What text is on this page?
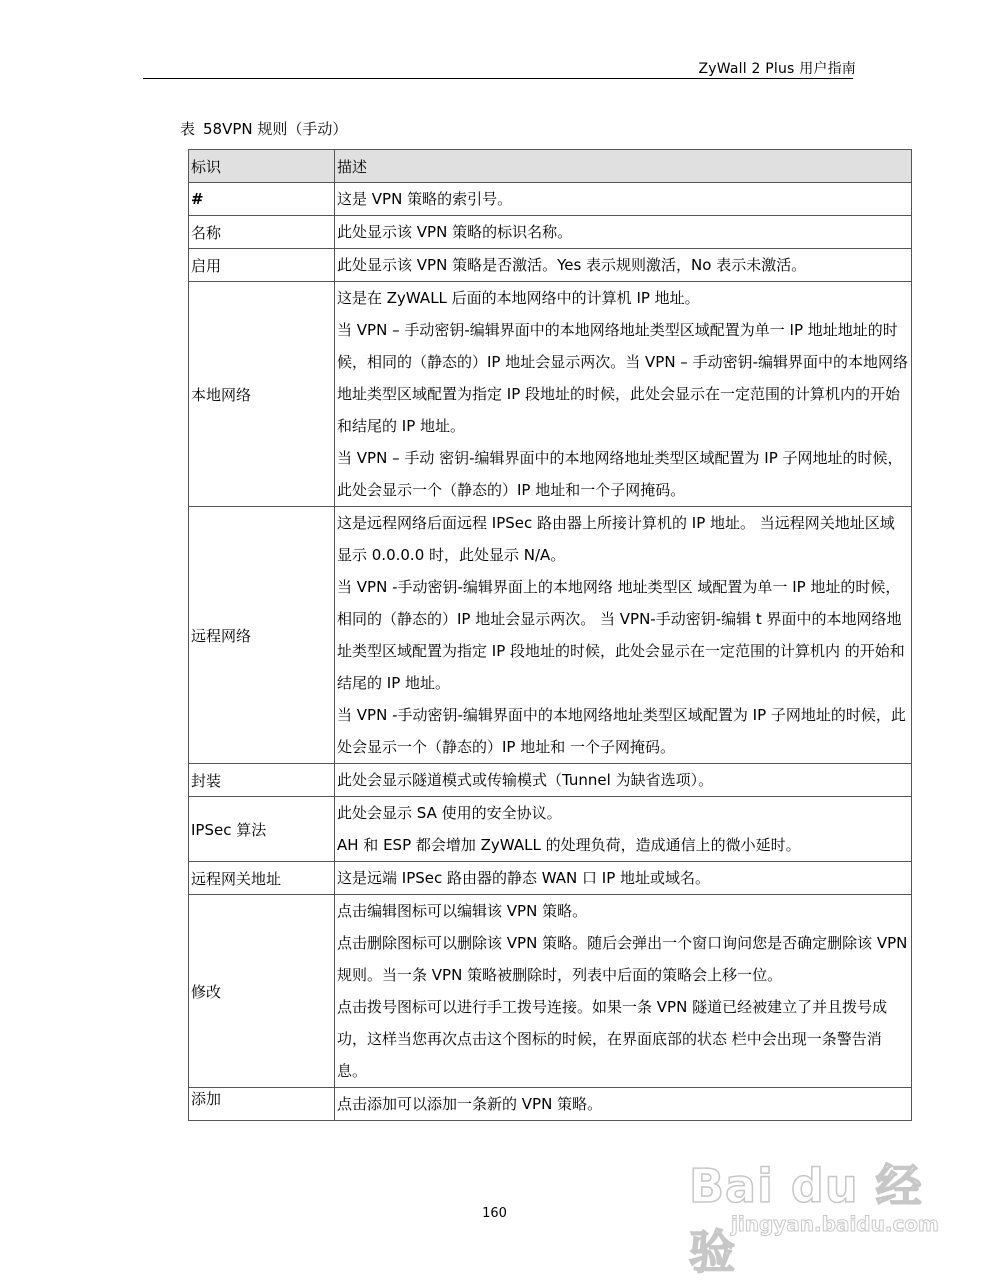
ZyWall 2 Plus 用户指南
表 58VPN 规则（手动）
标识	描述
#	这是 VPN 策略的索引号。

名称	此处显示该 VPN 策略的标识名称。

启用	此处显示该 VPN 策略是否激活。Yes 表示规则激活，No 表示未激活。

本地网络	这是在 ZyWALL 后面的本地网络中的计算机 IP 地址。
当 VPN – 手动密钥-编辑界面中的本地网络地址类型区域配置为单一 IP 地址地址的时候，相同的（静态的）IP 地址会显示两次。当 VPN – 手动密钥-编辑界面中的本地网络地址类型区域配置为指定 IP 段地址的时候，此处会显示在一定范围的计算机内的开始和结尾的 IP 地址。
当 VPN – 手动 密钥-编辑界面中的本地网络地址类型区域配置为 IP 子网地址的时候，此处会显示一个（静态的）IP 地址和一个子网掩码。

远程网络	这是远程网络后面远程 IPSec 路由器上所接计算机的 IP 地址。 当远程网关地址区域显示 0.0.0.0 时，此处显示 N/A。
当 VPN -手动密钥-编辑界面上的本地网络 地址类型区 域配置为单一 IP 地址的时候，相同的（静态的）IP 地址会显示两次。 当 VPN-手动密钥-编辑 t 界面中的本地网络地址类型区域配置为指定 IP 段地址的时候，此处会显示在一定范围的计算机内 的开始和结尾的 IP 地址。
当 VPN -手动密钥-编辑界面中的本地网络地址类型区域配置为 IP 子网地址的时候，此处会显示一个（静态的）IP 地址和 一个子网掩码。

封装	此处会显示隧道模式或传输模式（Tunnel 为缺省选项）。

IPSec 算法	此处会显示 SA 使用的安全协议。
AH 和 ESP 都会增加 ZyWALL 的处理负荷，造成通信上的微小延时。

远程网关地址	这是远端 IPSec 路由器的静态 WAN 口 IP 地址或域名。

修改	点击编辑图标可以编辑该 VPN 策略。
点击删除图标可以删除该 VPN 策略。随后会弹出一个窗口询问您是否确定删除该 VPN 规则。当一条 VPN 策略被删除时，列表中后面的策略会上移一位。
点击拨号图标可以进行手工拨号连接。如果一条 VPN 隧道已经被建立了并且拨号成功，这样当您再次点击这个图标的时候，在界面底部的状态 栏中会出现一条警告消息。

添加	点击添加可以添加一条新的 VPN 策略。
160
Bai du 经验
jingyan.baidu.com
